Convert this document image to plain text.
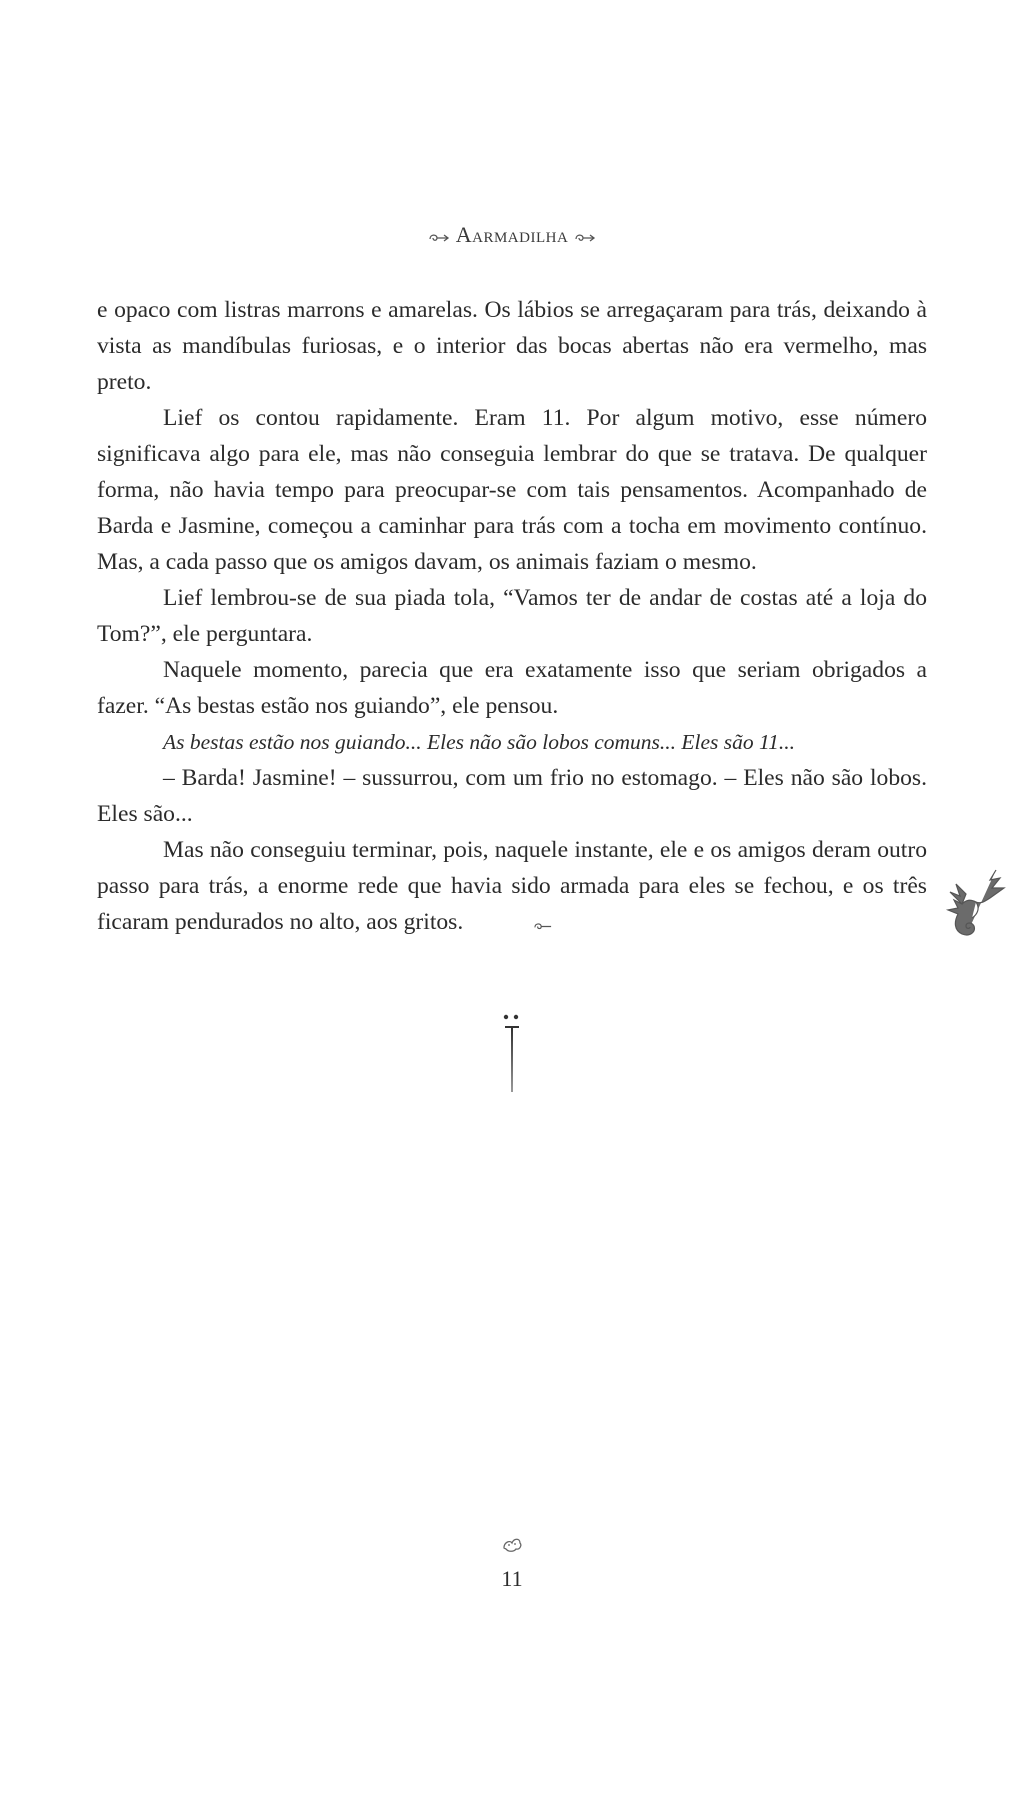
AARMADILHA

e opaco com listras marrons e amarelas. Os lábios se arregaçaram para trás, deixando à vista as mandíbulas furiosas, e o interior das bocas abertas não era vermelho, mas preto.

Lief os contou rapidamente. Eram 11. Por algum motivo, esse número significava algo para ele, mas não conseguia lembrar do que se tratava. De qualquer forma, não havia tempo para preocupar-se com tais pensamentos. Acompanhado de Barda e Jasmine, começou a caminhar para trás com a tocha em movimento contínuo. Mas, a cada passo que os amigos davam, os animais faziam o mesmo.

Lief lembrou-se de sua piada tola, “Vamos ter de andar de costas até a loja do Tom?”, ele perguntara.

Naquele momento, parecia que era exatamente isso que seriam obrigados a fazer. “As bestas estão nos guiando”, ele pensou.

As bestas estão nos guiando... Eles não são lobos comuns... Eles são 11...

– Barda! Jasmine! – sussurrou, com um frio no estomago. – Eles não são lobos. Eles são...

Mas não conseguiu terminar, pois, naquele instante, ele e os amigos deram outro passo para trás, a enorme rede que havia sido armada para eles se fechou, e os três ficaram pendurados no alto, aos gritos.

11
